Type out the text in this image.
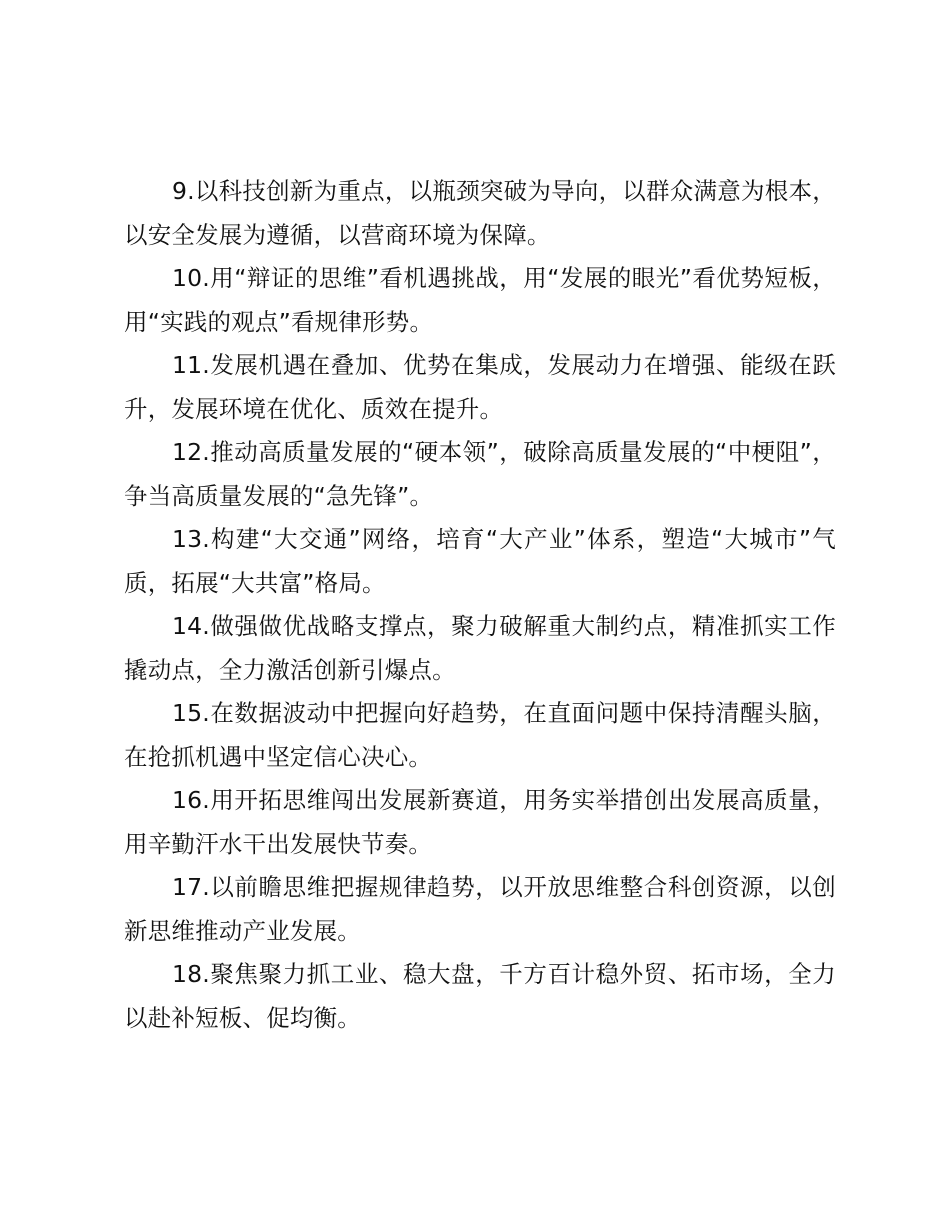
9.以科技创新为重点，以瓶颈突破为导向，以群众满意为根本，以安全发展为遵循，以营商环境为保障。

10.用“辩证的思维”看机遇挑战，用“发展的眼光”看优势短板，用“实践的观点”看规律形势。

11.发展机遇在叠加、优势在集成，发展动力在增强、能级在跃升，发展环境在优化、质效在提升。

12.推动高质量发展的“硬本领”，破除高质量发展的“中梗阻”，争当高质量发展的“急先锋”。

13.构建“大交通”网络，培育“大产业”体系，塑造“大城市”气质，拓展“大共富”格局。

14.做强做优战略支撑点，聚力破解重大制约点，精准抓实工作撬动点，全力激活创新引爆点。

15.在数据波动中把握向好趋势，在直面问题中保持清醒头脑，在抢抓机遇中坚定信心决心。

16.用开拓思维闯出发展新赛道，用务实举措创出发展高质量，用辛勤汗水干出发展快节奏。

17.以前瞻思维把握规律趋势，以开放思维整合科创资源，以创新思维推动产业发展。

18.聚焦聚力抓工业、稳大盘，千方百计稳外贸、拓市场，全力以赴补短板、促均衡。
